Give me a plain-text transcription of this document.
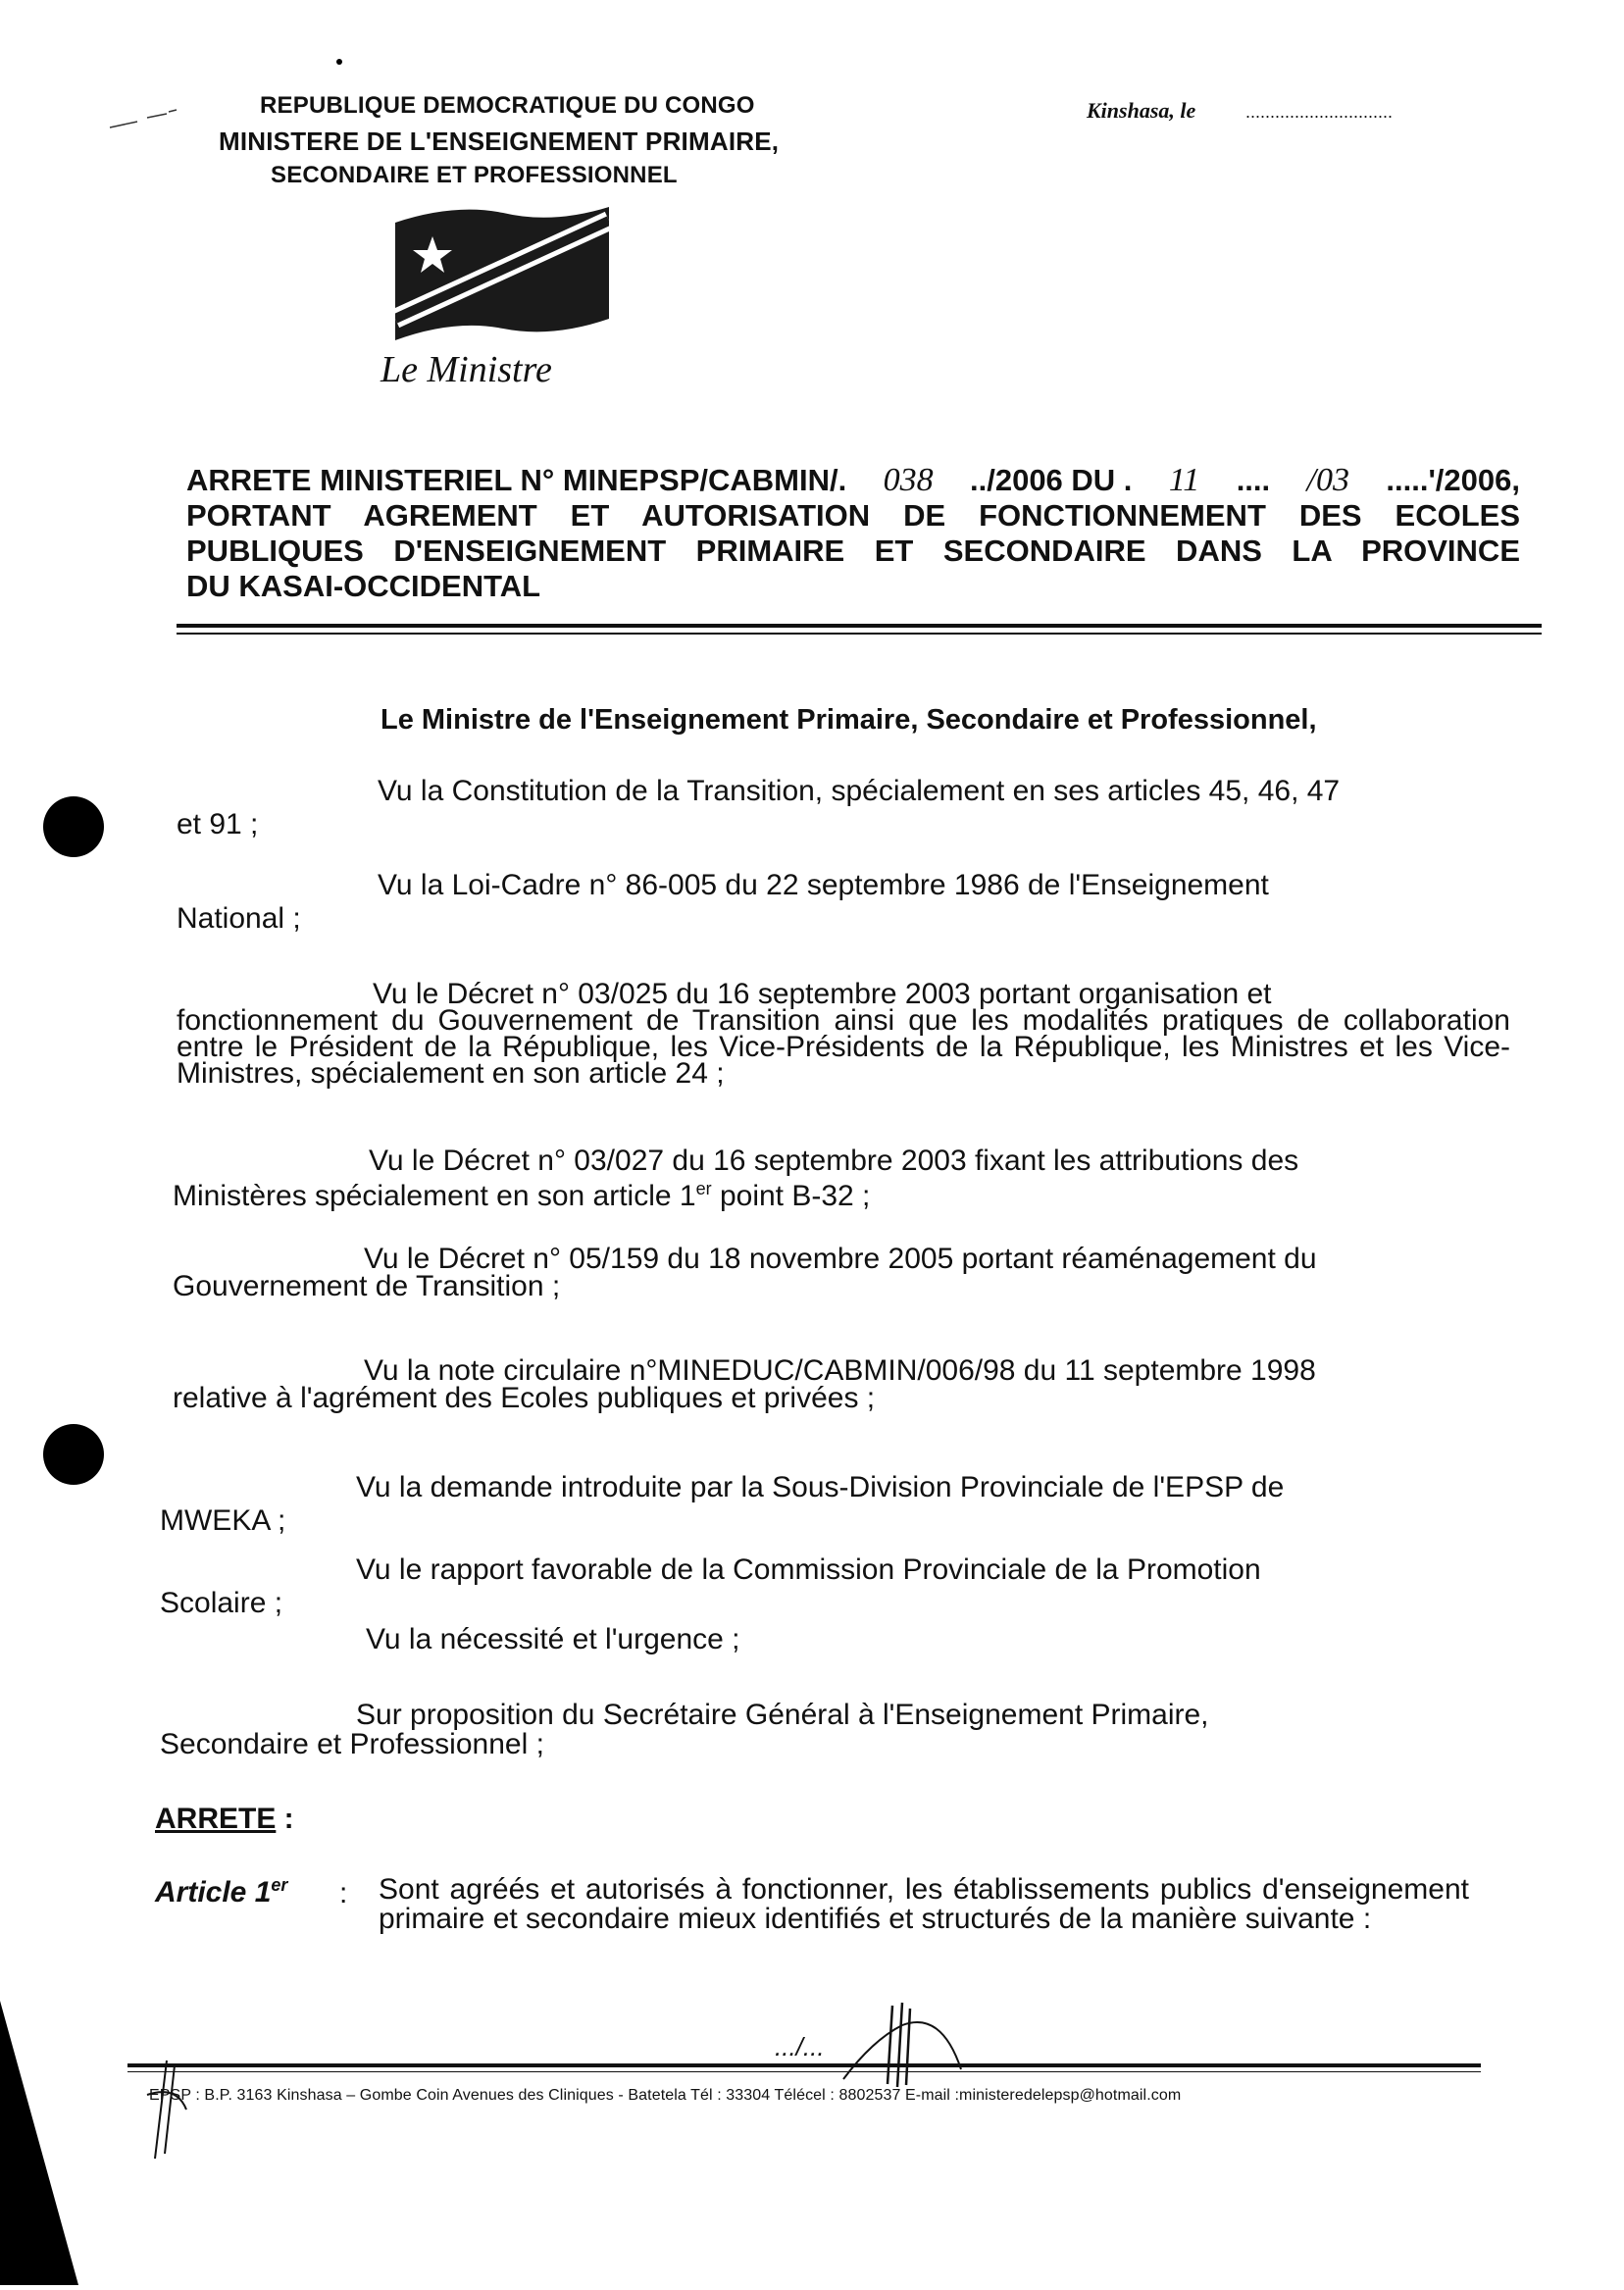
REPUBLIQUE DEMOCRATIQUE DU CONGO
MINISTERE DE L'ENSEIGNEMENT PRIMAIRE,
SECONDAIRE ET PROFESSIONNEL
Kinshasa, le	..............................
Le Ministre
ARRETE MINISTERIEL N° MINEPSP/CABMIN/. 038 ../2006 DU . 11 .... /03 .....'/2006,
PORTANT AGREMENT ET AUTORISATION DE FONCTIONNEMENT DES ECOLES
PUBLIQUES D'ENSEIGNEMENT PRIMAIRE ET SECONDAIRE DANS LA PROVINCE
DU KASAI-OCCIDENTAL
Le Ministre de l'Enseignement Primaire, Secondaire et Professionnel,
Vu la Constitution de la Transition, spécialement en ses articles 45, 46, 47
et 91 ;
Vu la Loi-Cadre n° 86-005 du 22 septembre 1986 de l'Enseignement
National ;
Vu le Décret n° 03/025 du 16 septembre 2003 portant organisation et
fonctionnement du Gouvernement de Transition ainsi que les modalités pratiques de collaboration entre le Président de la République, les Vice-Présidents de la République, les Ministres et les Vice-Ministres, spécialement en son article 24 ;
Vu le Décret n° 03/027 du 16 septembre 2003 fixant les attributions des
Ministères spécialement en son article 1er point B-32 ;
Vu le Décret n° 05/159 du 18 novembre 2005 portant réaménagement du
Gouvernement de Transition ;
Vu la note circulaire n°MINEDUC/CABMIN/006/98 du 11 septembre 1998
relative à l'agrément des Ecoles publiques et privées ;
Vu la demande introduite par la Sous-Division Provinciale de l'EPSP de
MWEKA ;
Vu le rapport favorable de la Commission Provinciale de la Promotion
Scolaire ;
Vu la nécessité et l'urgence ;
Sur proposition du Secrétaire Général à l'Enseignement Primaire,
Secondaire et Professionnel ;
ARRETE :
Article 1er : Sont agréés et autorisés à fonctionner, les établissements publics d'enseignement primaire et secondaire mieux identifiés et structurés de la manière suivante :
.../...
EPSP : B.P. 3163 Kinshasa – Gombe Coin Avenues des Cliniques - Batetela Tél : 33304 Télécel : 8802537 E-mail :ministeredelepsp@hotmail.com
